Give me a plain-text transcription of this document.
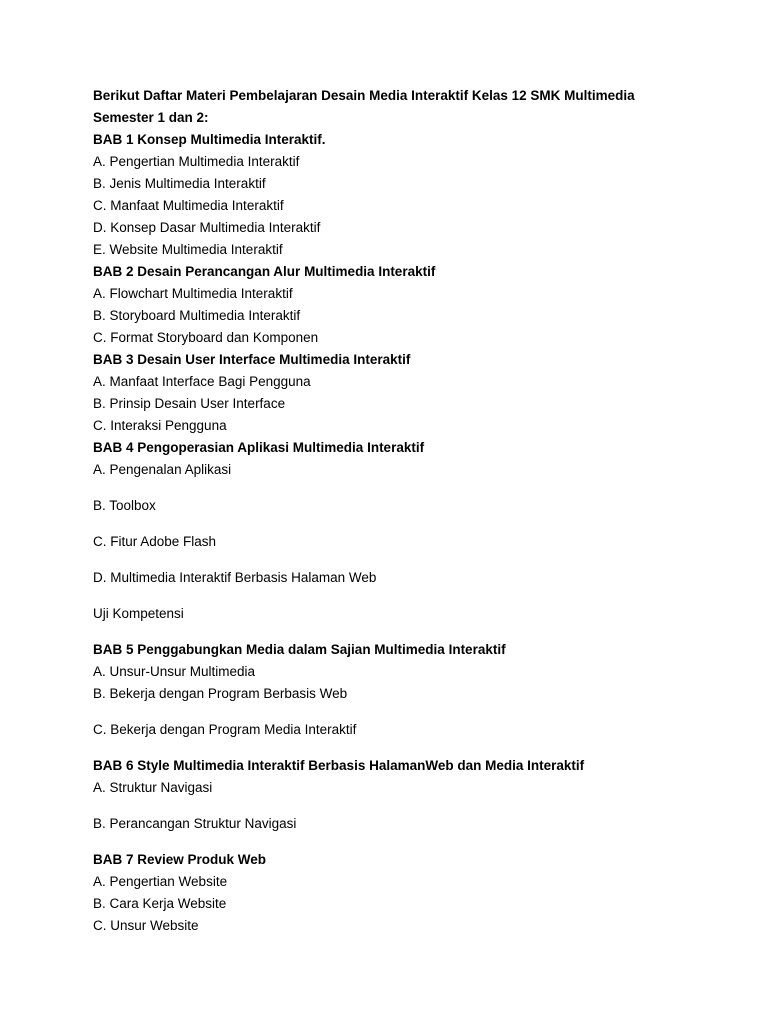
Berikut Daftar Materi Pembelajaran Desain Media Interaktif Kelas 12 SMK Multimedia
Semester 1 dan 2:
BAB 1 Konsep Multimedia Interaktif.
A. Pengertian Multimedia Interaktif
B. Jenis Multimedia Interaktif
C. Manfaat Multimedia Interaktif
D. Konsep Dasar Multimedia Interaktif
E. Website Multimedia Interaktif
BAB 2 Desain Perancangan Alur Multimedia Interaktif
A. Flowchart Multimedia Interaktif
B. Storyboard Multimedia Interaktif
C. Format Storyboard dan Komponen
BAB 3 Desain User Interface Multimedia Interaktif
A. Manfaat Interface Bagi Pengguna
B. Prinsip Desain User Interface
C. Interaksi Pengguna
BAB 4 Pengoperasian Aplikasi Multimedia Interaktif
A. Pengenalan Aplikasi
B. Toolbox
C. Fitur Adobe Flash
D. Multimedia Interaktif Berbasis Halaman Web
Uji Kompetensi
BAB 5 Penggabungkan Media dalam Sajian Multimedia Interaktif
A. Unsur-Unsur Multimedia
B. Bekerja dengan Program Berbasis Web
C. Bekerja dengan Program Media Interaktif
BAB 6 Style Multimedia Interaktif Berbasis HalamanWeb dan Media Interaktif
A. Struktur Navigasi
B. Perancangan Struktur Navigasi
BAB 7 Review Produk Web
A. Pengertian Website
B. Cara Kerja Website
C. Unsur Website
